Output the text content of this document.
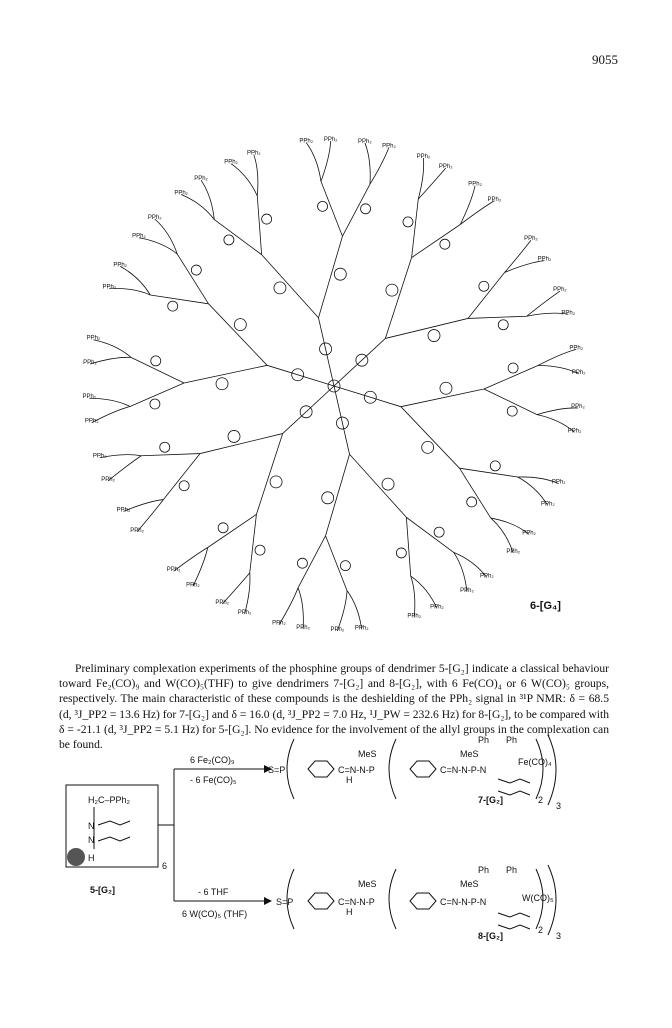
9055
PPh₂
PPh₂
PPh₂
PPh₂
PPh₂
PPh₂
PPh₂
PPh₂
PPh₂
PPh₂
PPh₂
PPh₂
PPh₂
PPh₂
PPh₂
PPh₂
PPh₂
PPh₂
PPh₂
PPh₂
PPh₂
PPh₂
PPh₂
PPh₂
PPh₂
PPh₂
PPh₂
PPh₂
PPh₂
PPh₂
PPh₂
PPh₂
PPh₂
PPh₂
PPh₂
PPh₂
PPh₂ PPh₂	PPh₂
PPh₂
PPh₂
PPh₂
PPh₂
PPh₂
PPh₂
PPh₂
PPh₂
PPh₂
6-[G₄]

Preliminary complexation experiments of the phosphine groups of dendrimer 5-[G₂] indicate a classical behaviour toward Fe₂(CO)₉ and W(CO)₅(THF) to give dendrimers 7-[G₂] and 8-[G₂], with 6 Fe(CO)₄ or 6 W(CO)₅ groups, respectively. The main characteristic of these compounds is the deshielding of the PPh₂ signal in ³¹P NMR: δ = 68.5 (d, ³J_PP2 = 13.6 Hz) for 7-[G₂] and δ = 16.0 (d, ³J_PP2 = 7.0 Hz, ¹J_PW = 232.6 Hz) for 8-[G₂], to be compared with δ = -21.1 (d, ³J_PP2 = 5.1 Hz) for 5-[G₂]. No evidence for the involvement of the allyl groups in the complexation can be found.

H₂C–PPh₂
N
N
H
6
5-[G₂]
6 Fe₂(CO)₉
- 6 Fe(CO)₅
- 6 THF
6 W(CO)₅ (THF)
S=P	C=N-N-P
MeS
H
C=N-N-P-N
MeS
Ph Ph
Fe(CO)₄
7-[G₂]	2
3
S=P	C=N-N-P
MeS
H
C=N-N-P-N
MeS
Ph Ph
W(CO)₅
8-[G₂]
2
3
